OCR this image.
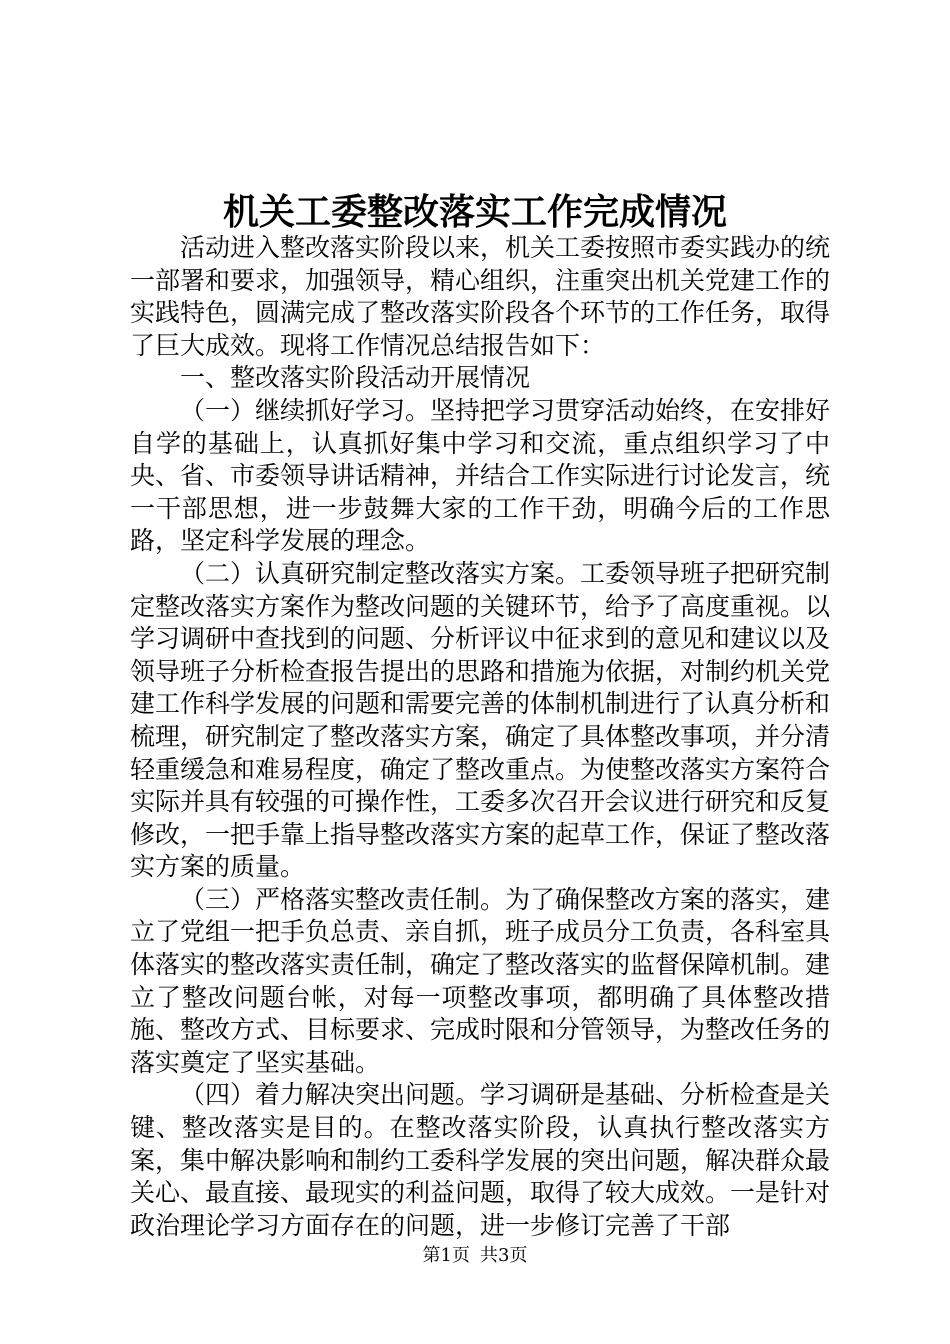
机关工委整改落实工作完成情况

活动进入整改落实阶段以来，机关工委按照市委实践办的统一部署和要求，加强领导，精心组织，注重突出机关党建工作的实践特色，圆满完成了整改落实阶段各个环节的工作任务，取得了巨大成效。现将工作情况总结报告如下：

一、整改落实阶段活动开展情况

（一）继续抓好学习。坚持把学习贯穿活动始终，在安排好自学的基础上，认真抓好集中学习和交流，重点组织学习了中央、省、市委领导讲话精神，并结合工作实际进行讨论发言，统一干部思想，进一步鼓舞大家的工作干劲，明确今后的工作思路，坚定科学发展的理念。

（二）认真研究制定整改落实方案。工委领导班子把研究制定整改落实方案作为整改问题的关键环节，给予了高度重视。以学习调研中查找到的问题、分析评议中征求到的意见和建议以及领导班子分析检查报告提出的思路和措施为依据，对制约机关党建工作科学发展的问题和需要完善的体制机制进行了认真分析和梳理，研究制定了整改落实方案，确定了具体整改事项，并分清轻重缓急和难易程度，确定了整改重点。为使整改落实方案符合实际并具有较强的可操作性，工委多次召开会议进行研究和反复修改，一把手靠上指导整改落实方案的起草工作，保证了整改落实方案的质量。

（三）严格落实整改责任制。为了确保整改方案的落实，建立了党组一把手负总责、亲自抓，班子成员分工负责，各科室具体落实的整改落实责任制，确定了整改落实的监督保障机制。建立了整改问题台帐，对每一项整改事项，都明确了具体整改措施、整改方式、目标要求、完成时限和分管领导，为整改任务的落实奠定了坚实基础。

（四）着力解决突出问题。学习调研是基础、分析检查是关键、整改落实是目的。在整改落实阶段，认真执行整改落实方案，集中解决影响和制约工委科学发展的突出问题，解决群众最关心、最直接、最现实的利益问题，取得了较大成效。一是针对政治理论学习方面存在的问题，进一步修订完善了干部

第1页 共3页
